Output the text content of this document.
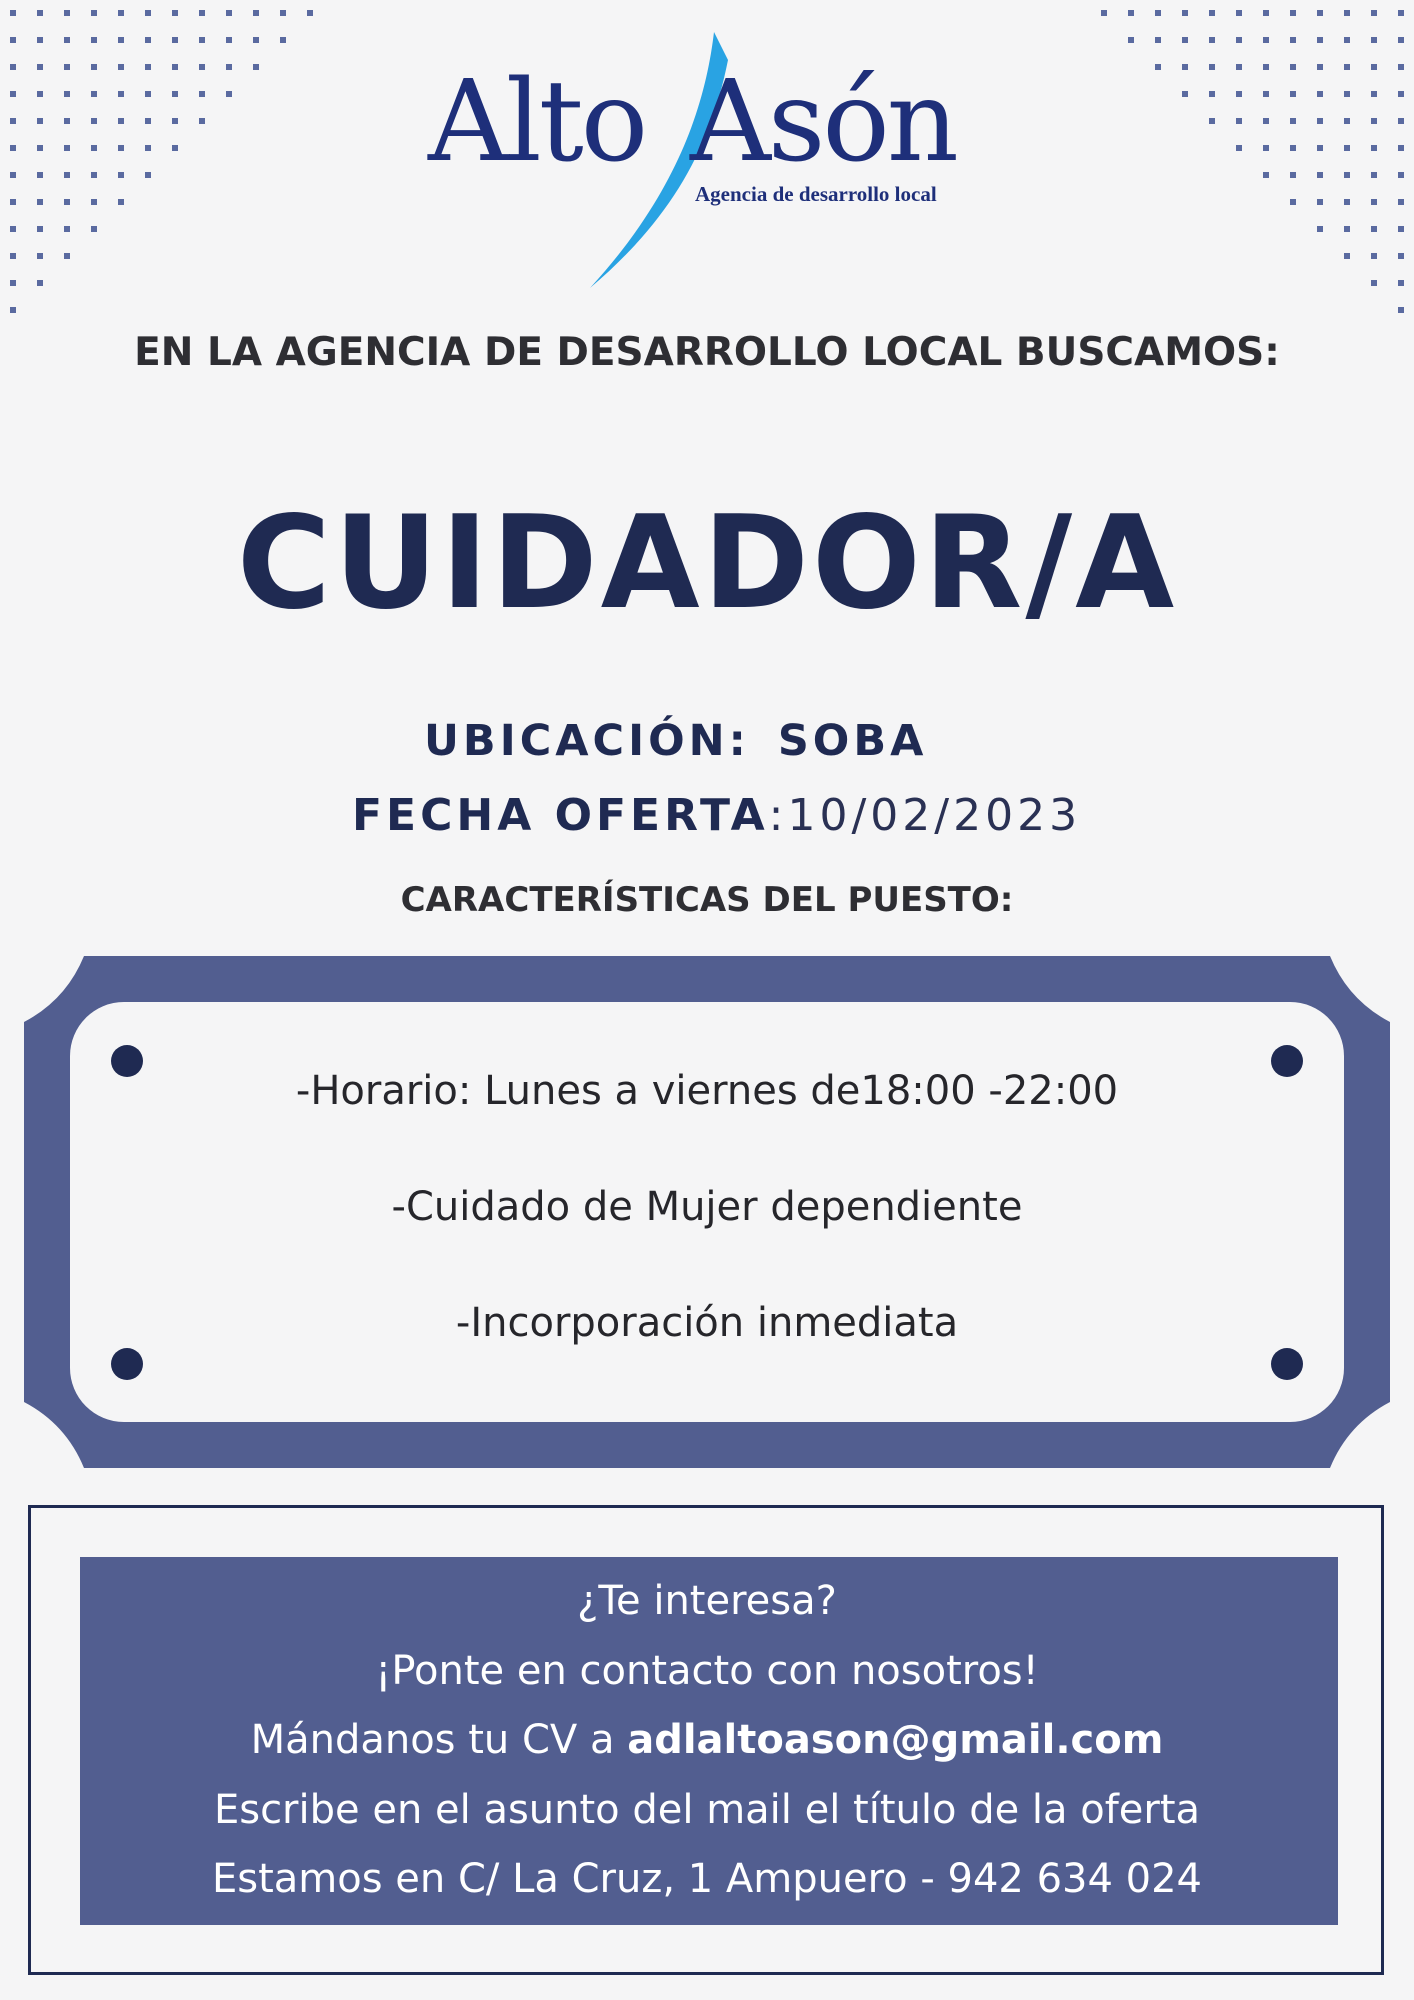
Alto Asón
Agencia de desarrollo local
EN LA AGENCIA DE DESARROLLO LOCAL BUSCAMOS:
CUIDADOR/A
UBICACIÓN: SOBA
FECHA OFERTA:10/02/2023
CARACTERÍSTICAS DEL PUESTO:
-Horario: Lunes a viernes de18:00 -22:00
-Cuidado de Mujer dependiente
-Incorporación inmediata
¿Te interesa?
¡Ponte en contacto con nosotros!
Mándanos tu CV a adlaltoason@gmail.com
Escribe en el asunto del mail el título de la oferta
Estamos en C/ La Cruz, 1 Ampuero - 942 634 024
